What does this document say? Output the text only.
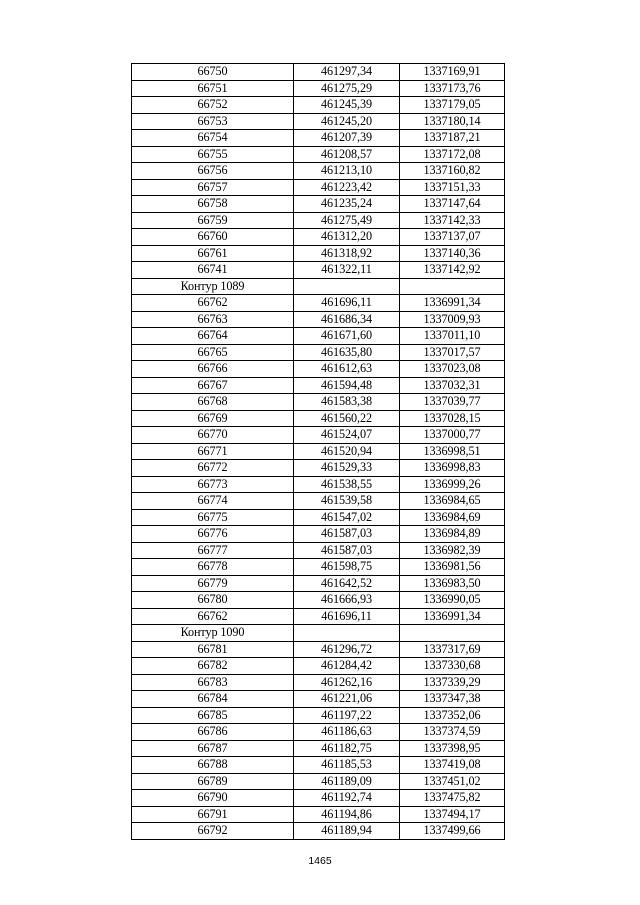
66750	461297,34	1337169,91
66751	461275,29	1337173,76
66752	461245,39	1337179,05
66753	461245,20	1337180,14
66754	461207,39	1337187,21
66755	461208,57	1337172,08
66756	461213,10	1337160,82
66757	461223,42	1337151,33
66758	461235,24	1337147,64
66759	461275,49	1337142,33
66760	461312,20	1337137,07
66761	461318,92	1337140,36
66741	461322,11	1337142,92
Контур 1089		
66762	461696,11	1336991,34
66763	461686,34	1337009,93
66764	461671,60	1337011,10
66765	461635,80	1337017,57
66766	461612,63	1337023,08
66767	461594,48	1337032,31
66768	461583,38	1337039,77
66769	461560,22	1337028,15
66770	461524,07	1337000,77
66771	461520,94	1336998,51
66772	461529,33	1336998,83
66773	461538,55	1336999,26
66774	461539,58	1336984,65
66775	461547,02	1336984,69
66776	461587,03	1336984,89
66777	461587,03	1336982,39
66778	461598,75	1336981,56
66779	461642,52	1336983,50
66780	461666,93	1336990,05
66762	461696,11	1336991,34
Контур 1090		
66781	461296,72	1337317,69
66782	461284,42	1337330,68
66783	461262,16	1337339,29
66784	461221,06	1337347,38
66785	461197,22	1337352,06
66786	461186,63	1337374,59
66787	461182,75	1337398,95
66788	461185,53	1337419,08
66789	461189,09	1337451,02
66790	461192,74	1337475,82
66791	461194,86	1337494,17
66792	461189,94	1337499,66
1465
